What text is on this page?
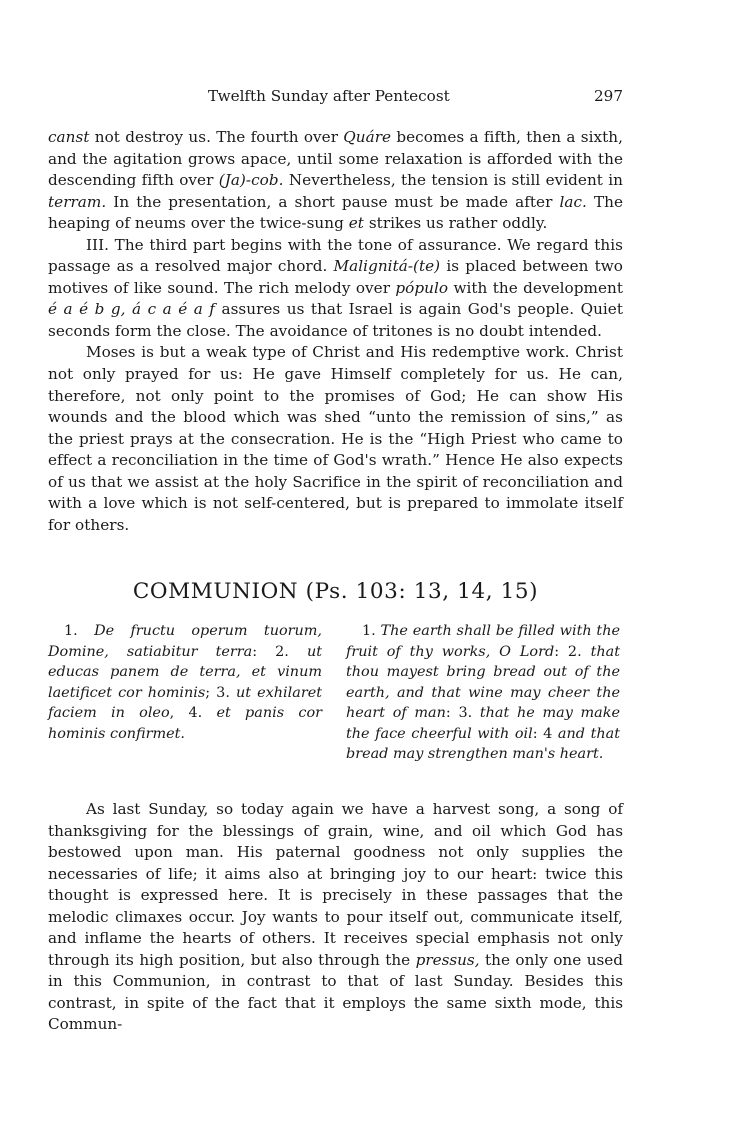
Twelfth Sunday after Pentecost	297

canst not destroy us. The fourth over Quáre becomes a fifth, then a sixth, and the agitation grows apace, until some relaxation is afforded with the descending fifth over (Ja)-cob. Nevertheless, the tension is still evident in terram. In the presentation, a short pause must be made after lac. The heaping of neums over the twice-sung et strikes us rather oddly.

III. The third part begins with the tone of assurance. We regard this passage as a resolved major chord. Malignitá-(te) is placed between two motives of like sound. The rich melody over pópulo with the development é a é b g, á c a é a f assures us that Israel is again God's people. Quiet seconds form the close. The avoidance of tritones is no doubt intended.

Moses is but a weak type of Christ and His redemptive work. Christ not only prayed for us: He gave Himself completely for us. He can, therefore, not only point to the promises of God; He can show His wounds and the blood which was shed “unto the remission of sins,” as the priest prays at the consecration. He is the “High Priest who came to effect a reconciliation in the time of God's wrath.” Hence He also expects of us that we assist at the holy Sacrifice in the spirit of reconciliation and with a love which is not self-centered, but is prepared to immolate itself for others.

COMMUNION (Ps. 103: 13, 14, 15)

1. De fructu operum tuorum, Domine, satiabitur terra: 2. ut educas panem de terra, et vinum laetificet cor hominis; 3. ut exhilaret faciem in oleo, 4. et panis cor hominis confirmet.

1. The earth shall be filled with the fruit of thy works, O Lord: 2. that thou mayest bring bread out of the earth, and that wine may cheer the heart of man: 3. that he may make the face cheerful with oil: 4 and that bread may strengthen man's heart.

As last Sunday, so today again we have a harvest song, a song of thanksgiving for the blessings of grain, wine, and oil which God has bestowed upon man. His paternal goodness not only supplies the necessaries of life; it aims also at bringing joy to our heart: twice this thought is expressed here. It is precisely in these passages that the melodic climaxes occur. Joy wants to pour itself out, communicate itself, and inflame the hearts of others. It receives special emphasis not only through its high position, but also through the pressus, the only one used in this Communion, in contrast to that of last Sunday. Besides this contrast, in spite of the fact that it employs the same sixth mode, this Commun-
